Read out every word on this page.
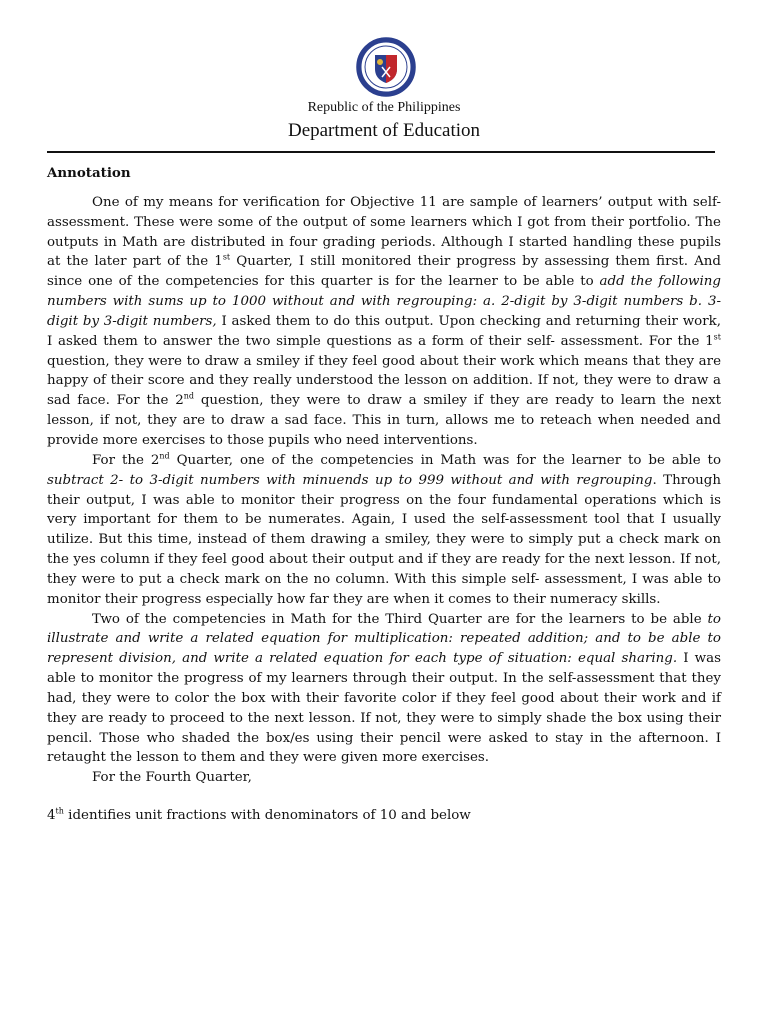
Republic of the Philippines
Department of Education
Annotation

One of my means for verification for Objective 11 are sample of learners’ output with self-assessment. These were some of the output of some learners which I got from their portfolio. The outputs in Math are distributed in four grading periods. Although I started handling these pupils at the later part of the 1st Quarter, I still monitored their progress by assessing them first. And since one of the competencies for this quarter is for the learner to be able to add the following numbers with sums up to 1000 without and with regrouping: a. 2-digit by 3-digit numbers b. 3-digit by 3-digit numbers, I asked them to do this output. Upon checking and returning their work, I asked them to answer the two simple questions as a form of their self- assessment. For the 1st question, they were to draw a smiley if they feel good about their work which means that they are happy of their score and they really understood the lesson on addition. If not, they were to draw a sad face. For the 2nd question, they were to draw a smiley if they are ready to learn the next lesson, if not, they are to draw a sad face. This in turn, allows me to reteach when needed and provide more exercises to those pupils who need interventions.

For the 2nd Quarter, one of the competencies in Math was for the learner to be able to subtract 2- to 3-digit numbers with minuends up to 999 without and with regrouping. Through their output, I was able to monitor their progress on the four fundamental operations which is very important for them to be numerates. Again, I used the self-assessment tool that I usually utilize. But this time, instead of them drawing a smiley, they were to simply put a check mark on the yes column if they feel good about their output and if they are ready for the next lesson. If not, they were to put a check mark on the no column. With this simple self- assessment, I was able to monitor their progress especially how far they are when it comes to their numeracy skills.

Two of the competencies in Math for the Third Quarter are for the learners to be able to illustrate and write a related equation for multiplication: repeated addition; and to be able to represent division, and write a related equation for each type of situation: equal sharing. I was able to monitor the progress of my learners through their output. In the self-assessment that they had, they were to color the box with their favorite color if they feel good about their work and if they are ready to proceed to the next lesson. If not, they were to simply shade the box using their pencil. Those who shaded the box/es using their pencil were asked to stay in the afternoon. I retaught the lesson to them and they were given more exercises.

For the Fourth Quarter,

4th identifies unit fractions with denominators of 10 and below
